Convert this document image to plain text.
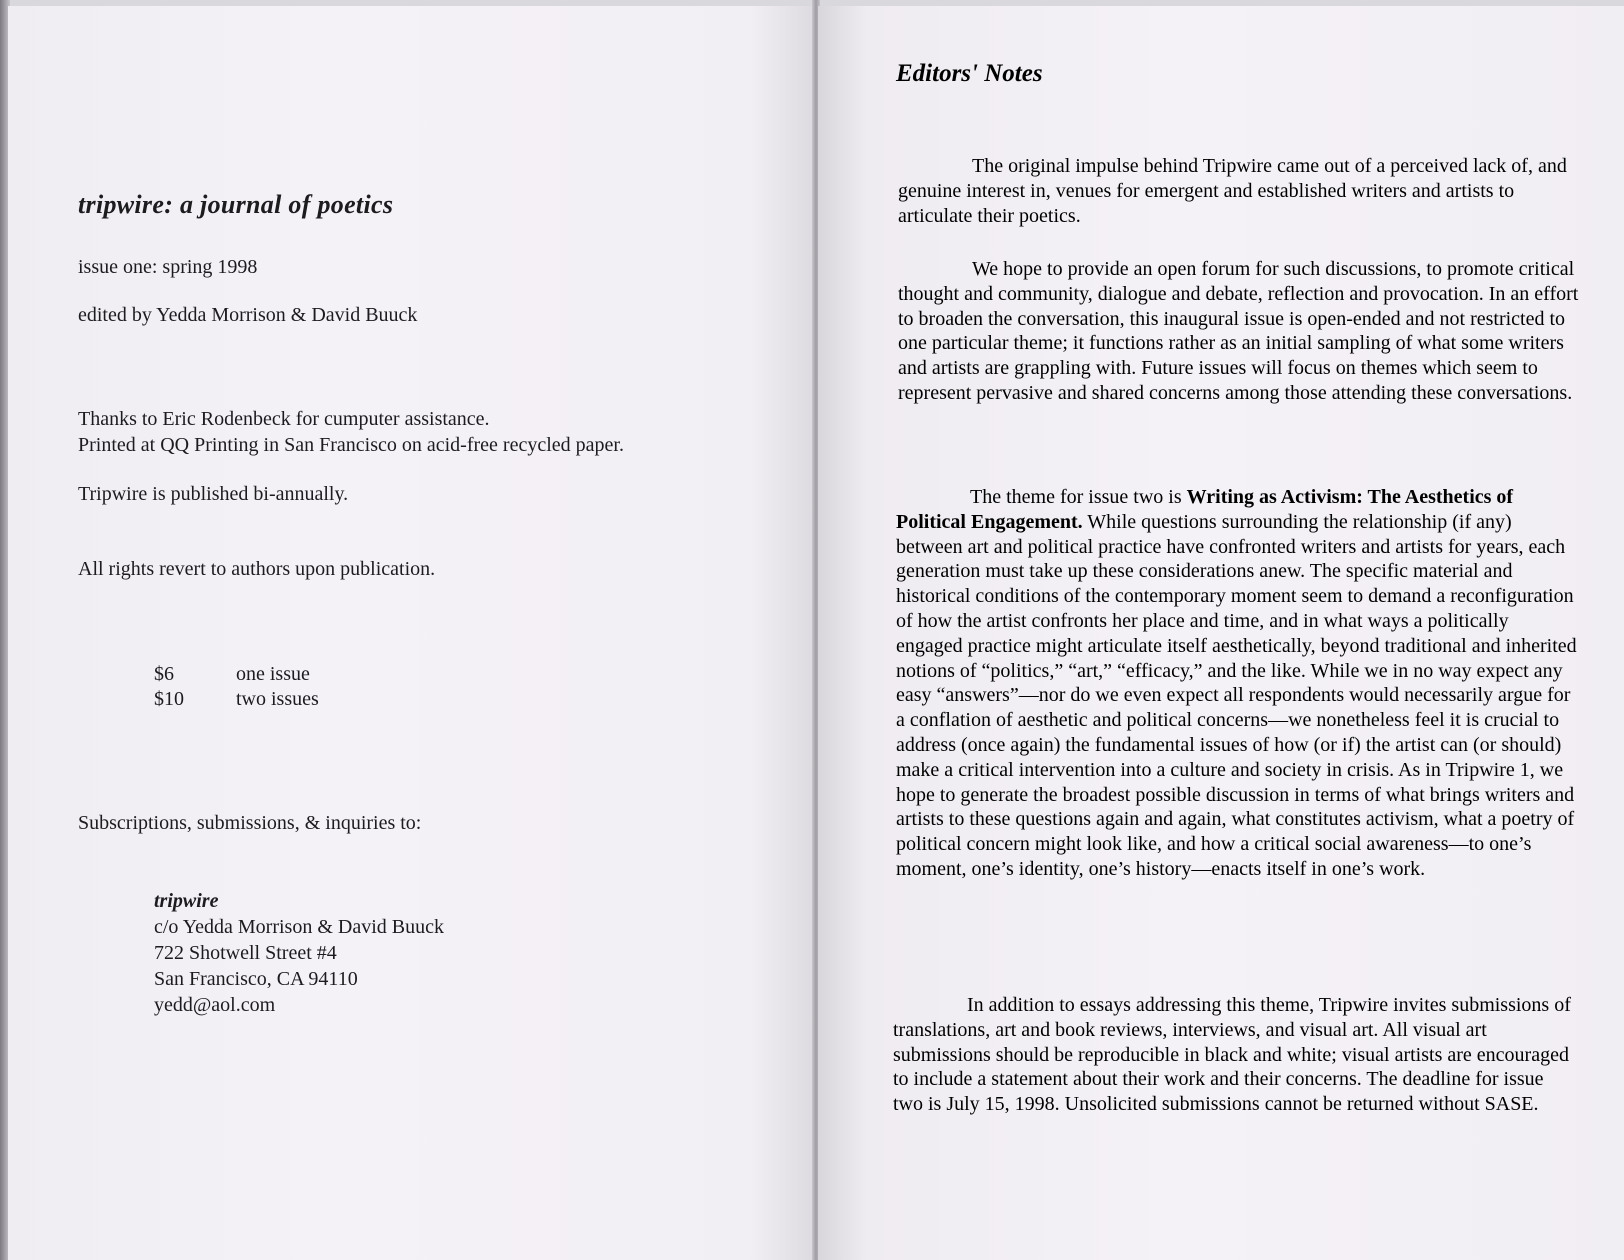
tripwire: a journal of poetics
issue one: spring 1998
edited by Yedda Morrison & David Buuck
Thanks to Eric Rodenbeck for cumputer assistance.
Printed at QQ Printing in San Francisco on acid-free recycled paper.
Tripwire is published bi-annually.
All rights revert to authors upon publication.
$6	one issue
$10	two issues
Subscriptions, submissions, & inquiries to:
tripwire
c/o Yedda Morrison & David Buuck
722 Shotwell Street #4
San Francisco, CA 94110
yedd@aol.com
Editors' Notes

The original impulse behind Tripwire came out of a perceived lack of, and genuine interest in, venues for emergent and established writers and artists to articulate their poetics.

We hope to provide an open forum for such discussions, to promote critical thought and community, dialogue and debate, reflection and provocation. In an effort to broaden the conversation, this inaugural issue is open-ended and not restricted to one particular theme; it functions rather as an initial sampling of what some writers and artists are grappling with. Future issues will focus on themes which seem to represent pervasive and shared concerns among those attending these conversations.

The theme for issue two is Writing as Activism: The Aesthetics of Political Engagement. While questions surrounding the relationship (if any) between art and political practice have confronted writers and artists for years, each generation must take up these considerations anew. The specific material and historical conditions of the contemporary moment seem to demand a reconfiguration of how the artist confronts her place and time, and in what ways a politically engaged practice might articulate itself aesthetically, beyond traditional and inherited notions of “politics,” “art,” “efficacy,” and the like. While we in no way expect any easy “answers”—nor do we even expect all respondents would necessarily argue for a conflation of aesthetic and political concerns—we nonetheless feel it is crucial to address (once again) the fundamental issues of how (or if) the artist can (or should) make a critical intervention into a culture and society in crisis. As in Tripwire 1, we hope to generate the broadest possible discussion in terms of what brings writers and artists to these questions again and again, what constitutes activism, what a poetry of political concern might look like, and how a critical social awareness—to one’s moment, one’s identity, one’s history—enacts itself in one’s work.

In addition to essays addressing this theme, Tripwire invites submissions of translations, art and book reviews, interviews, and visual art. All visual art submissions should be reproducible in black and white; visual artists are encouraged to include a statement about their work and their concerns. The deadline for issue two is July 15, 1998. Unsolicited submissions cannot be returned without SASE.
